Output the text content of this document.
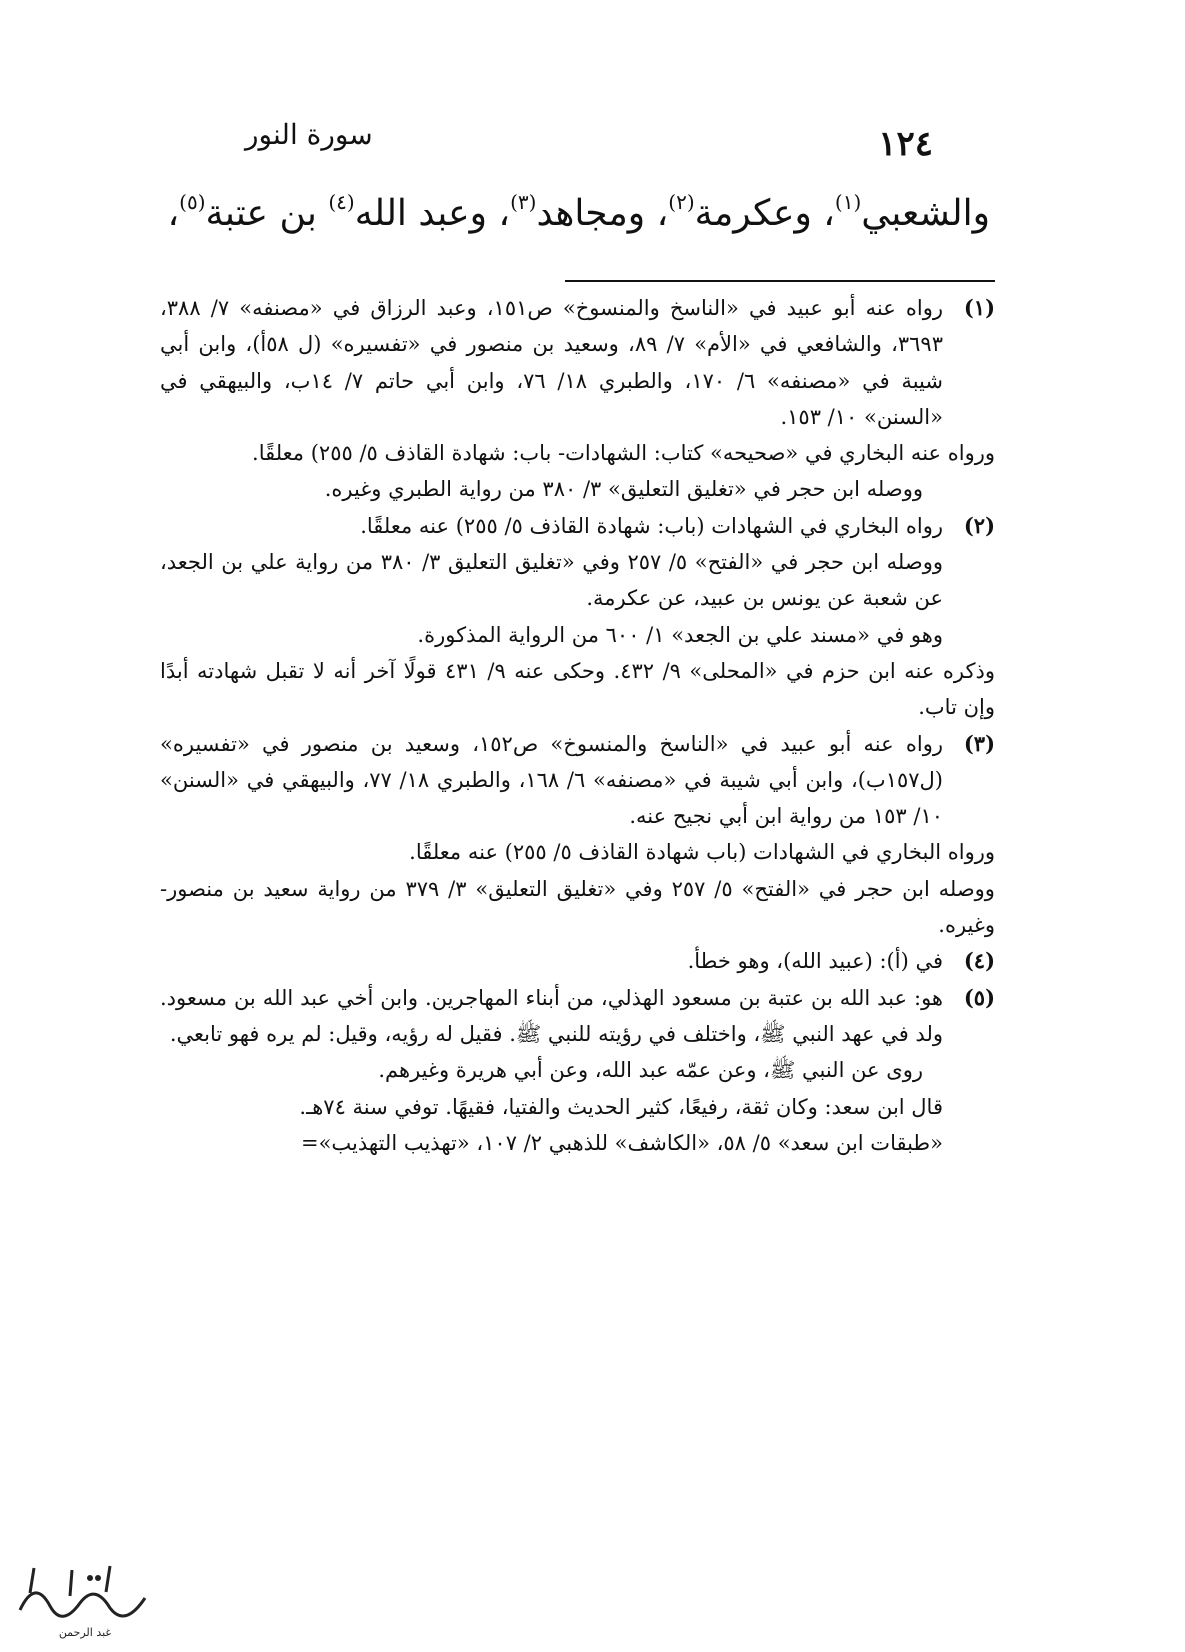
١٢٤
سورة النور
والشعبي$^{(١)}$، وعكرمة$^{(٢)}$، ومجاهد$^{(٣)}$، وعبد الله$^{(٤)}$ بن عتبة$^{(٥)}$،
(١)

رواه عنه أبو عبيد في «الناسخ والمنسوخ» ص١٥١، وعبد الرزاق في «مصنفه» ٧/ ٣٨٨، ٣٦٩٣، والشافعي في «الأم» ٧/ ٨٩، وسعيد بن منصور في «تفسيره» (ل ٥٨أ)، وابن أبي شيبة في «مصنفه» ٦/ ١٧٠، والطبري ١٨/ ٧٦، وابن أبي حاتم ٧/ ١٤ب، والبيهقي في «السنن» ١٠/ ١٥٣.

ورواه عنه البخاري في «صحيحه» كتاب: الشهادات- باب: شهادة القاذف ٥/ ٢٥٥) معلقًا.

ووصله ابن حجر في «تغليق التعليق» ٣/ ٣٨٠ من رواية الطبري وغيره.

(٢)

رواه البخاري في الشهادات (باب: شهادة القاذف ٥/ ٢٥٥) عنه معلقًا.

ووصله ابن حجر في «الفتح» ٥/ ٢٥٧ وفي «تغليق التعليق ٣/ ٣٨٠ من رواية علي بن الجعد، عن شعبة عن يونس بن عبيد، عن عكرمة.

وهو في «مسند علي بن الجعد» ١/ ٦٠٠ من الرواية المذكورة.

وذكره عنه ابن حزم في «المحلى» ٩/ ٤٣٢. وحكى عنه ٩/ ٤٣١ قولًا آخر أنه لا تقبل شهادته أبدًا وإن تاب.

(٣)

رواه عنه أبو عبيد في «الناسخ والمنسوخ» ص١٥٢، وسعيد بن منصور في «تفسيره» (ل١٥٧ب)، وابن أبي شيبة في «مصنفه» ٦/ ١٦٨، والطبري ١٨/ ٧٧، والبيهقي في «السنن» ١٠/ ١٥٣ من رواية ابن أبي نجيح عنه.

ورواه البخاري في الشهادات (باب شهادة القاذف ٥/ ٢٥٥) عنه معلقًا.

ووصله ابن حجر في «الفتح» ٥/ ٢٥٧ وفي «تغليق التعليق» ٣/ ٣٧٩ من رواية سعيد بن منصور- وغيره.

(٤)

في (أ): (عبيد الله)، وهو خطأ.

(٥)

هو: عبد الله بن عتبة بن مسعود الهذلي، من أبناء المهاجرين. وابن أخي عبد الله بن مسعود. ولد في عهد النبي ﷺ، واختلف في رؤيته للنبي ﷺ. فقيل له رؤيه، وقيل: لم يره فهو تابعي.

روى عن النبي ﷺ، وعن عمّه عبد الله، وعن أبي هريرة وغيرهم.

قال ابن سعد: وكان ثقة، رفيعًا، كثير الحديث والفتيا، فقيهًا. توفي سنة ٧٤هـ.

«طبقات ابن سعد» ٥/ ٥٨، «الكاشف» للذهبي ٢/ ١٠٧، «تهذيب التهذيب»=

غبد الرحمن
